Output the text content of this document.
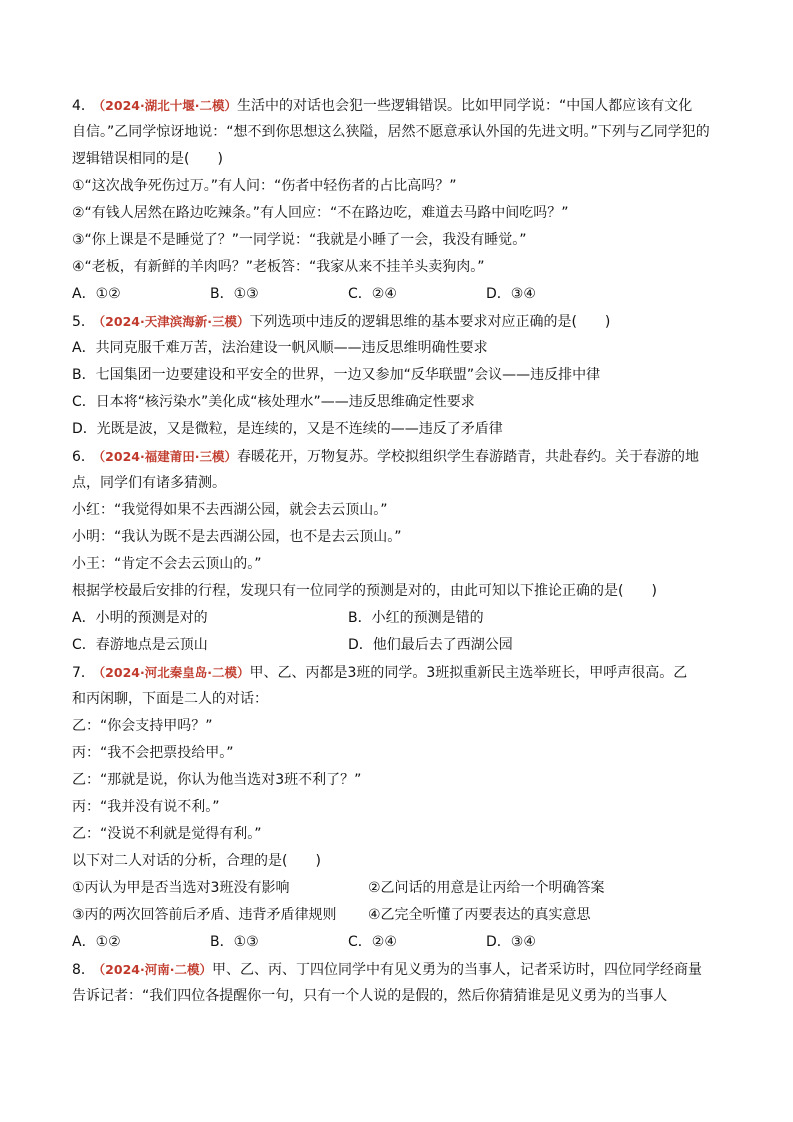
4． （2024·湖北十堰·二模）生活中的对话也会犯一些逻辑错误。比如甲同学说：“中国人都应该有文化
自信。”乙同学惊讶地说：“想不到你思想这么狭隘，居然不愿意承认外国的先进文明。”下列与乙同学犯的
逻辑错误相同的是(　　)
①“这次战争死伤过万。”有人问：“伤者中轻伤者的占比高吗？”
②“有钱人居然在路边吃辣条。”有人回应：“不在路边吃，难道去马路中间吃吗？”
③“你上课是不是睡觉了？”一同学说：“我就是小睡了一会，我没有睡觉。”
④“老板，有新鲜的羊肉吗？”老板答：“我家从来不挂羊头卖狗肉。”
A．①②	B．①③	C．②④	D．③④
5． （2024·天津滨海新·三模）下列选项中违反的逻辑思维的基本要求对应正确的是(　　)
A．共同克服千难万苦，法治建设一帆风顺——违反思维明确性要求
B．七国集团一边要建设和平安全的世界，一边又参加“反华联盟”会议——违反排中律
C．日本将“核污染水”美化成“核处理水”——违反思维确定性要求
D．光既是波，又是微粒，是连续的，又是不连续的——违反了矛盾律
6． （2024·福建莆田·三模）春暖花开，万物复苏。学校拟组织学生春游踏青，共赴春约。关于春游的地
点，同学们有诸多猜测。
小红：“我觉得如果不去西湖公园，就会去云顶山。”
小明：“我认为既不是去西湖公园，也不是去云顶山。”
小王：“肯定不会去云顶山的。”
根据学校最后安排的行程，发现只有一位同学的预测是对的，由此可知以下推论正确的是(　　)
A．小明的预测是对的	B．小红的预测是错的
C．春游地点是云顶山	D．他们最后去了西湖公园
7． （2024·河北秦皇岛·二模）甲、乙、丙都是3班的同学。3班拟重新民主选举班长，甲呼声很高。乙
和丙闲聊，下面是二人的对话：
乙：“你会支持甲吗？”
丙：“我不会把票投给甲。”
乙：“那就是说，你认为他当选对3班不利了？”
丙：“我并没有说不利。”
乙：“没说不利就是觉得有利。”
以下对二人对话的分析，合理的是(　　)
①丙认为甲是否当选对3班没有影响	②乙问话的用意是让丙给一个明确答案
③丙的两次回答前后矛盾、违背矛盾律规则	④乙完全听懂了丙要表达的真实意思
A．①②	B．①③	C．②④	D．③④
8． （2024·河南·二模）甲、乙、丙、丁四位同学中有见义勇为的当事人，记者采访时，四位同学经商量
告诉记者：“我们四位各提醒你一句，只有一个人说的是假的，然后你猜猜谁是见义勇为的当事人
